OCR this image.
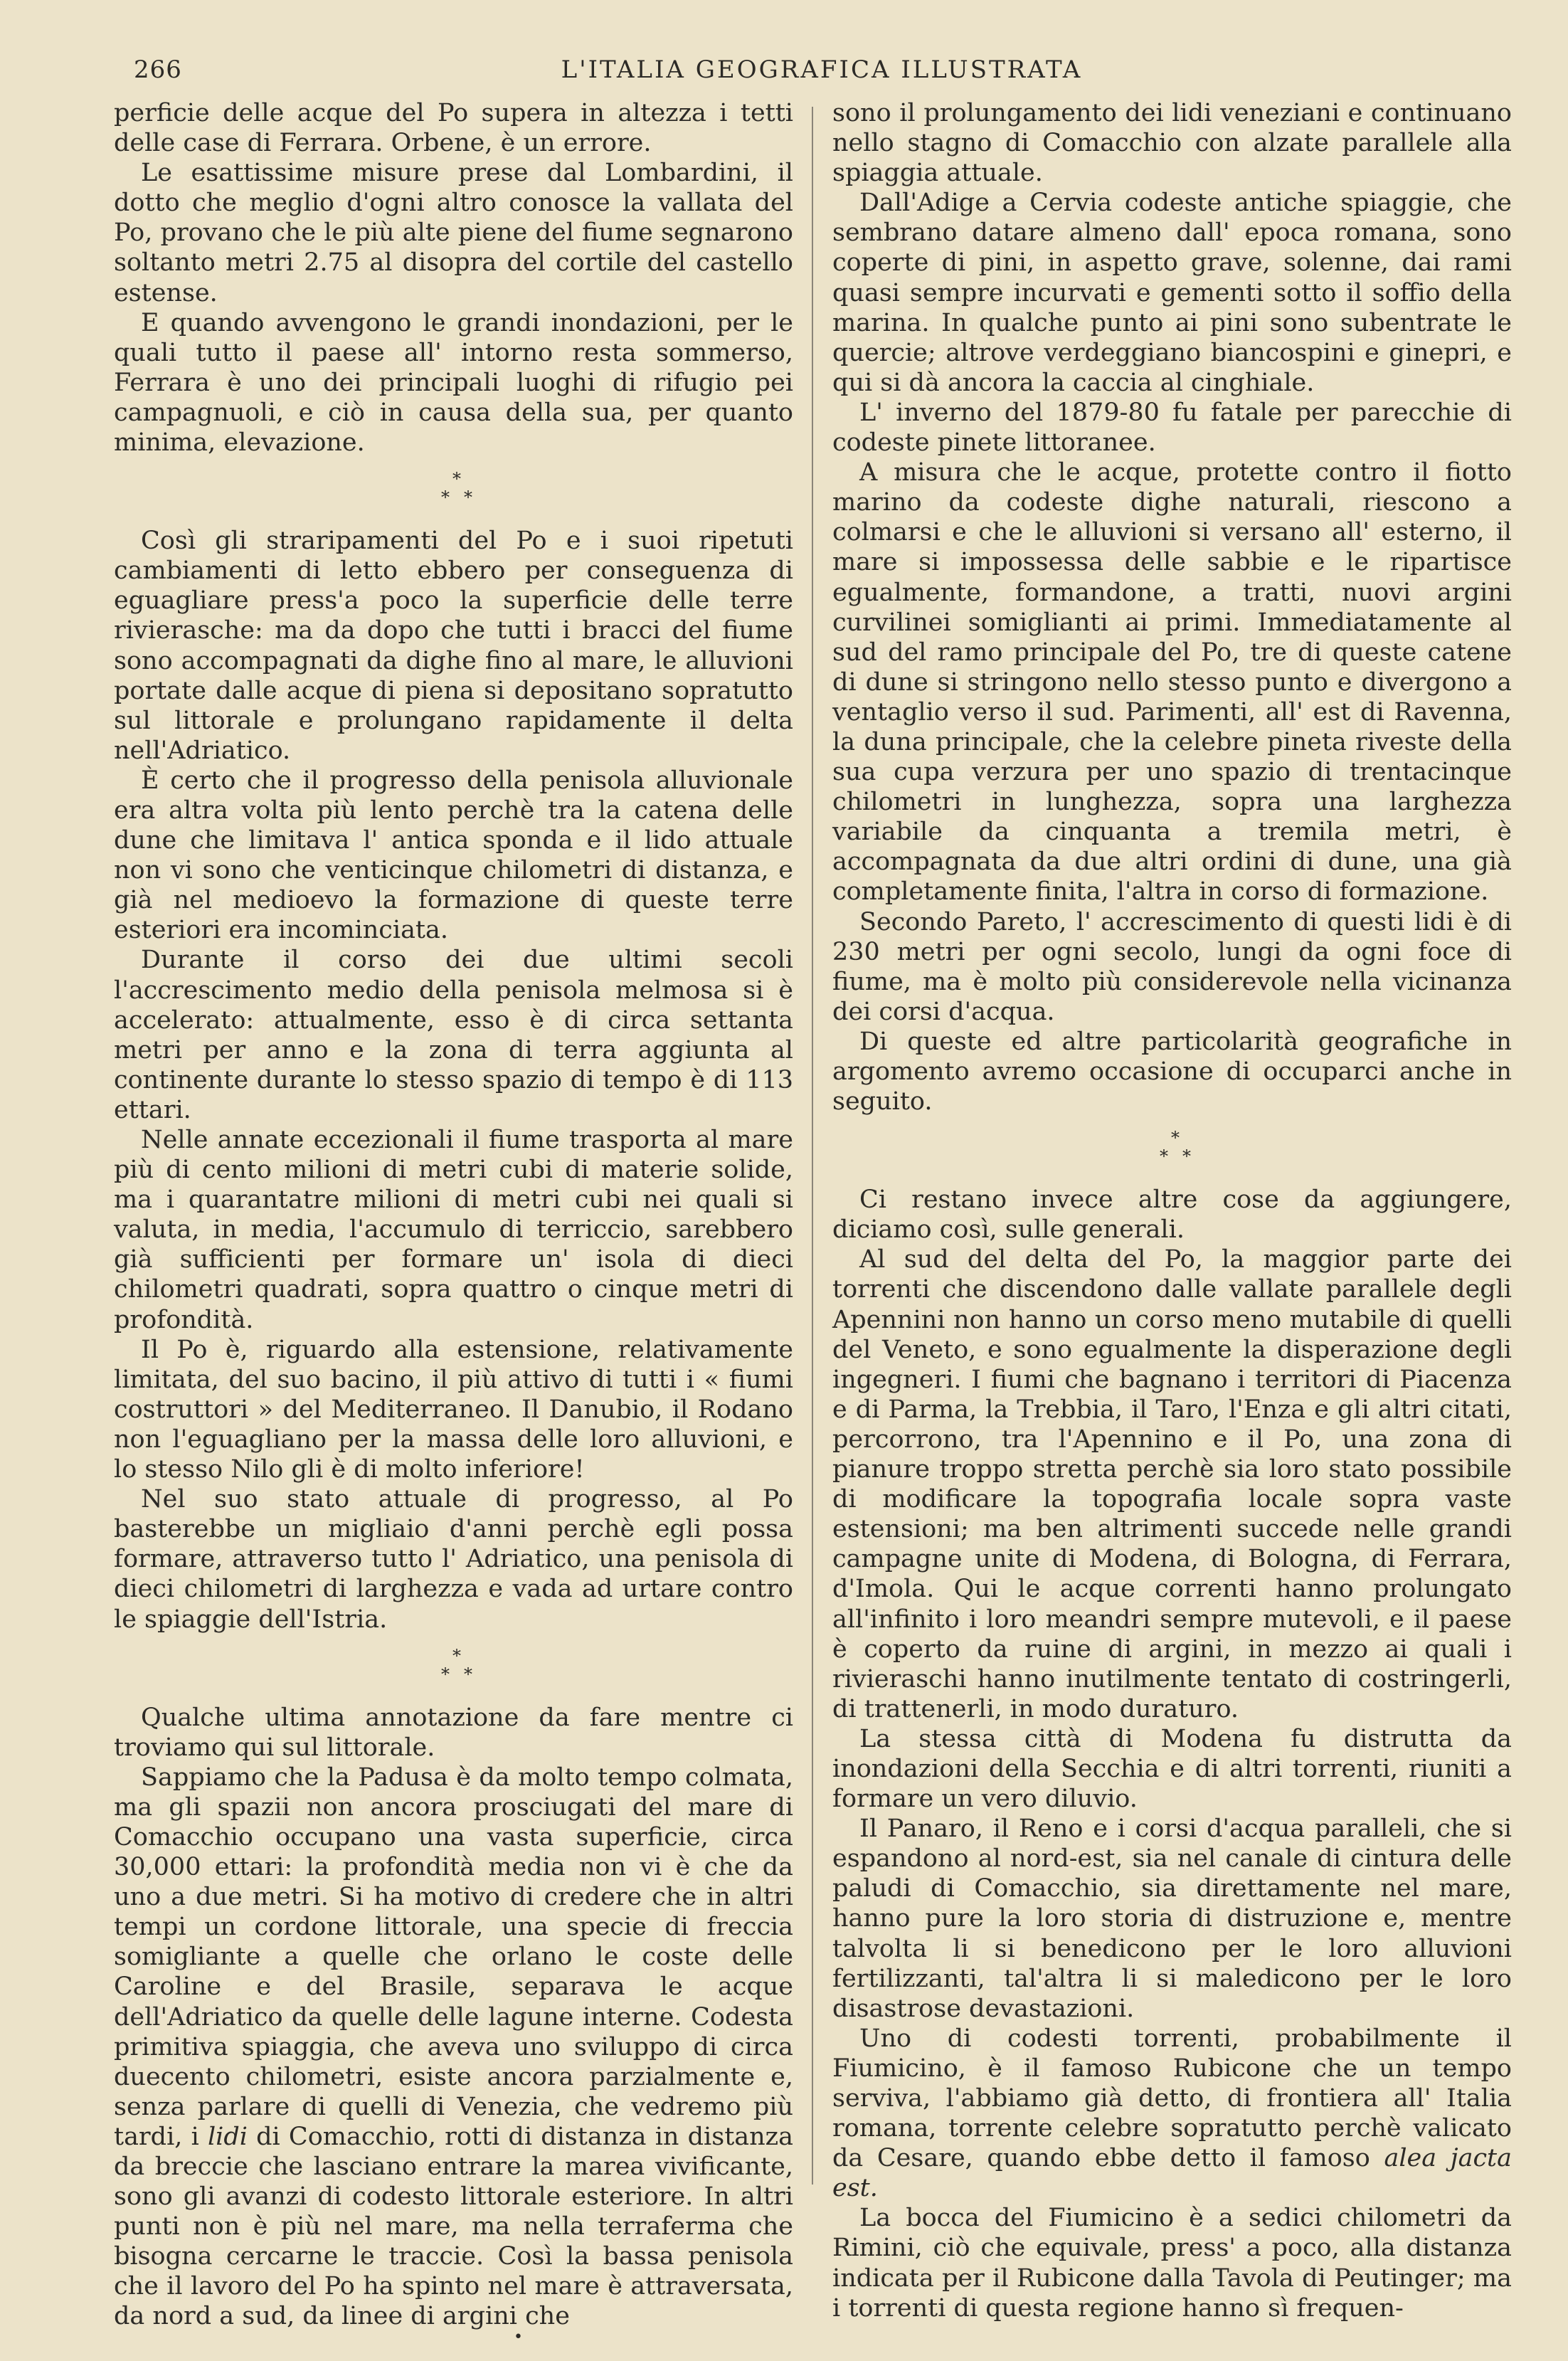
266	L'ITALIA GEOGRAFICA ILLUSTRATA

perficie delle acque del Po supera in altezza i tetti delle case di Ferrara. Orbene, è un errore.

Le esattissime misure prese dal Lombardini, il dotto che meglio d'ogni altro conosce la vallata del Po, provano che le più alte piene del fiume segnarono soltanto metri 2.75 al disopra del cortile del castello estense.

E quando avvengono le grandi inondazioni, per le quali tutto il paese all' intorno resta sommerso, Ferrara è uno dei principali luoghi di rifugio pei campagnuoli, e ciò in causa della sua, per quanto minima, elevazione.

*
* *

Così gli straripamenti del Po e i suoi ripetuti cambiamenti di letto ebbero per conseguenza di eguagliare press'a poco la superficie delle terre rivierasche: ma da dopo che tutti i bracci del fiume sono accompagnati da dighe fino al mare, le alluvioni portate dalle acque di piena si depositano sopratutto sul littorale e prolungano rapidamente il delta nell'Adriatico.

È certo che il progresso della penisola alluvionale era altra volta più lento perchè tra la catena delle dune che limitava l' antica sponda e il lido attuale non vi sono che venticinque chilometri di distanza, e già nel medioevo la formazione di queste terre esteriori era incominciata.

Durante il corso dei due ultimi secoli l'accrescimento medio della penisola melmosa si è accelerato: attualmente, esso è di circa settanta metri per anno e la zona di terra aggiunta al continente durante lo stesso spazio di tempo è di 113 ettari.

Nelle annate eccezionali il fiume trasporta al mare più di cento milioni di metri cubi di materie solide, ma i quarantatre milioni di metri cubi nei quali si valuta, in media, l'accumulo di terriccio, sarebbero già sufficienti per formare un' isola di dieci chilometri quadrati, sopra quattro o cinque metri di profondità.

Il Po è, riguardo alla estensione, relativamente limitata, del suo bacino, il più attivo di tutti i « fiumi costruttori » del Mediterraneo. Il Danubio, il Rodano non l'eguagliano per la massa delle loro alluvioni, e lo stesso Nilo gli è di molto inferiore!

Nel suo stato attuale di progresso, al Po basterebbe un migliaio d'anni perchè egli possa formare, attraverso tutto l' Adriatico, una penisola di dieci chilometri di larghezza e vada ad urtare contro le spiaggie dell'Istria.

*
* *

Qualche ultima annotazione da fare mentre ci troviamo qui sul littorale.

Sappiamo che la Padusa è da molto tempo colmata, ma gli spazii non ancora prosciugati del mare di Comacchio occupano una vasta superficie, circa 30,000 ettari: la profondità media non vi è che da uno a due metri. Si ha motivo di credere che in altri tempi un cordone littorale, una specie di freccia somigliante a quelle che orlano le coste delle Caroline e del Brasile, separava le acque dell'Adriatico da quelle delle lagune interne. Codesta primitiva spiaggia, che aveva uno sviluppo di circa duecento chilometri, esiste ancora parzialmente e, senza parlare di quelli di Venezia, che vedremo più tardi, i lidi di Comacchio, rotti di distanza in distanza da breccie che lasciano entrare la marea vivificante, sono gli avanzi di codesto littorale esteriore. In altri punti non è più nel mare, ma nella terraferma che bisogna cercarne le traccie. Così la bassa penisola che il lavoro del Po ha spinto nel mare è attraversata, da nord a sud, da linee di argini che

sono il prolungamento dei lidi veneziani e continuano nello stagno di Comacchio con alzate parallele alla spiaggia attuale.

Dall'Adige a Cervia codeste antiche spiaggie, che sembrano datare almeno dall' epoca romana, sono coperte di pini, in aspetto grave, solenne, dai rami quasi sempre incurvati e gementi sotto il soffio della marina. In qualche punto ai pini sono subentrate le quercie; altrove verdeggiano biancospini e ginepri, e qui si dà ancora la caccia al cinghiale.

L' inverno del 1879-80 fu fatale per parecchie di codeste pinete littoranee.

A misura che le acque, protette contro il fiotto marino da codeste dighe naturali, riescono a colmarsi e che le alluvioni si versano all' esterno, il mare si impossessa delle sabbie e le ripartisce egualmente, formandone, a tratti, nuovi argini curvilinei somiglianti ai primi. Immediatamente al sud del ramo principale del Po, tre di queste catene di dune si stringono nello stesso punto e divergono a ventaglio verso il sud. Parimenti, all' est di Ravenna, la duna principale, che la celebre pineta riveste della sua cupa verzura per uno spazio di trentacinque chilometri in lunghezza, sopra una larghezza variabile da cinquanta a tremila metri, è accompagnata da due altri ordini di dune, una già completamente finita, l'altra in corso di formazione.

Secondo Pareto, l' accrescimento di questi lidi è di 230 metri per ogni secolo, lungi da ogni foce di fiume, ma è molto più considerevole nella vicinanza dei corsi d'acqua.

Di queste ed altre particolarità geografiche in argomento avremo occasione di occuparci anche in seguito.

*
* *

Ci restano invece altre cose da aggiungere, diciamo così, sulle generali.

Al sud del delta del Po, la maggior parte dei torrenti che discendono dalle vallate parallele degli Apennini non hanno un corso meno mutabile di quelli del Veneto, e sono egualmente la disperazione degli ingegneri. I fiumi che bagnano i territori di Piacenza e di Parma, la Trebbia, il Taro, l'Enza e gli altri citati, percorrono, tra l'Apennino e il Po, una zona di pianure troppo stretta perchè sia loro stato possibile di modificare la topografia locale sopra vaste estensioni; ma ben altrimenti succede nelle grandi campagne unite di Modena, di Bologna, di Ferrara, d'Imola. Qui le acque correnti hanno prolungato all'infinito i loro meandri sempre mutevoli, e il paese è coperto da ruine di argini, in mezzo ai quali i rivieraschi hanno inutilmente tentato di costringerli, di trattenerli, in modo duraturo.

La stessa città di Modena fu distrutta da inondazioni della Secchia e di altri torrenti, riuniti a formare un vero diluvio.

Il Panaro, il Reno e i corsi d'acqua paralleli, che si espandono al nord-est, sia nel canale di cintura delle paludi di Comacchio, sia direttamente nel mare, hanno pure la loro storia di distruzione e, mentre talvolta li si benedicono per le loro alluvioni fertilizzanti, tal'altra li si maledicono per le loro disastrose devastazioni.

Uno di codesti torrenti, probabilmente il Fiumicino, è il famoso Rubicone che un tempo serviva, l'abbiamo già detto, di frontiera all' Italia romana, torrente celebre sopratutto perchè valicato da Cesare, quando ebbe detto il famoso alea jacta est.

La bocca del Fiumicino è a sedici chilometri da Rimini, ciò che equivale, press' a poco, alla distanza indicata per il Rubicone dalla Tavola di Peutinger; ma i torrenti di questa regione hanno sì frequen-

•
